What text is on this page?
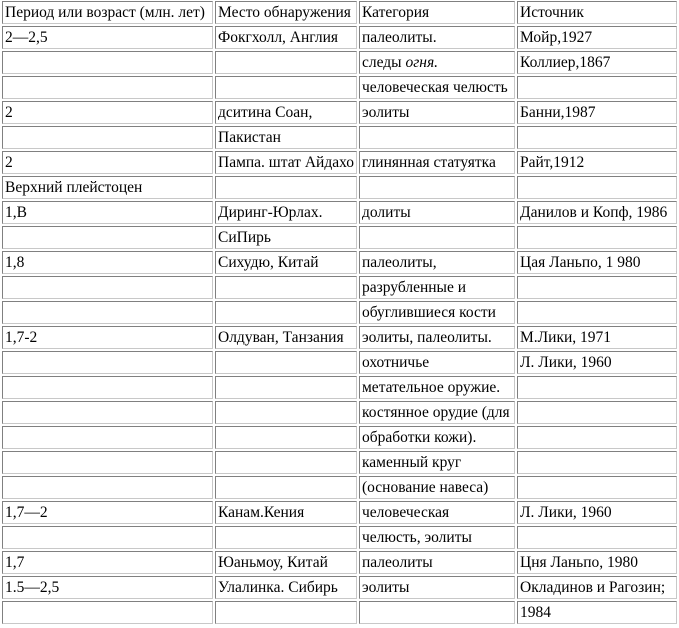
Период или возраст (млн. лет)	Место обнаружения	Категория	Источник
2—2,5	Фокгхолл, Англия	палеолиты.	Мойр,1927
		следы огня.	Коллиер,1867
		человеческая челюсть	
2	дситина Соан,	эолиты	Банни,1987
	Пакистан		
2	Пампа. штат Айдахо	глинянная статуятка	Райт,1912
Верхний плейстоцен			
1,В	Диринг-Юрлах.	долиты	Данилов и Копф, 1986
	СиПирь		
1,8	Сихудю, Китай	палеолиты,	Цая Ланьпо, 1 980
		разрубленные и	
		обуглившиеся кости	
1,7-2	Олдуван, Танзания	эолиты, палеолиты.	М.Лики, 1971
		охотничье	Л. Лики, 1960
		метательное оружие.	
		костянное орудие (для	
		обработки кожи).	
		каменный круг	
		(основание навеса)	
1,7—2	Канам.Кения	человеческая	Л. Лики, 1960
		челюсть, эолиты	
1,7	Юаньмоу, Китай	палеолиты	Цня Ланьпо, 1980
1.5—2,5	Улалинка. Сибирь	эолиты	Окладинов и Рагозин;
			1984
